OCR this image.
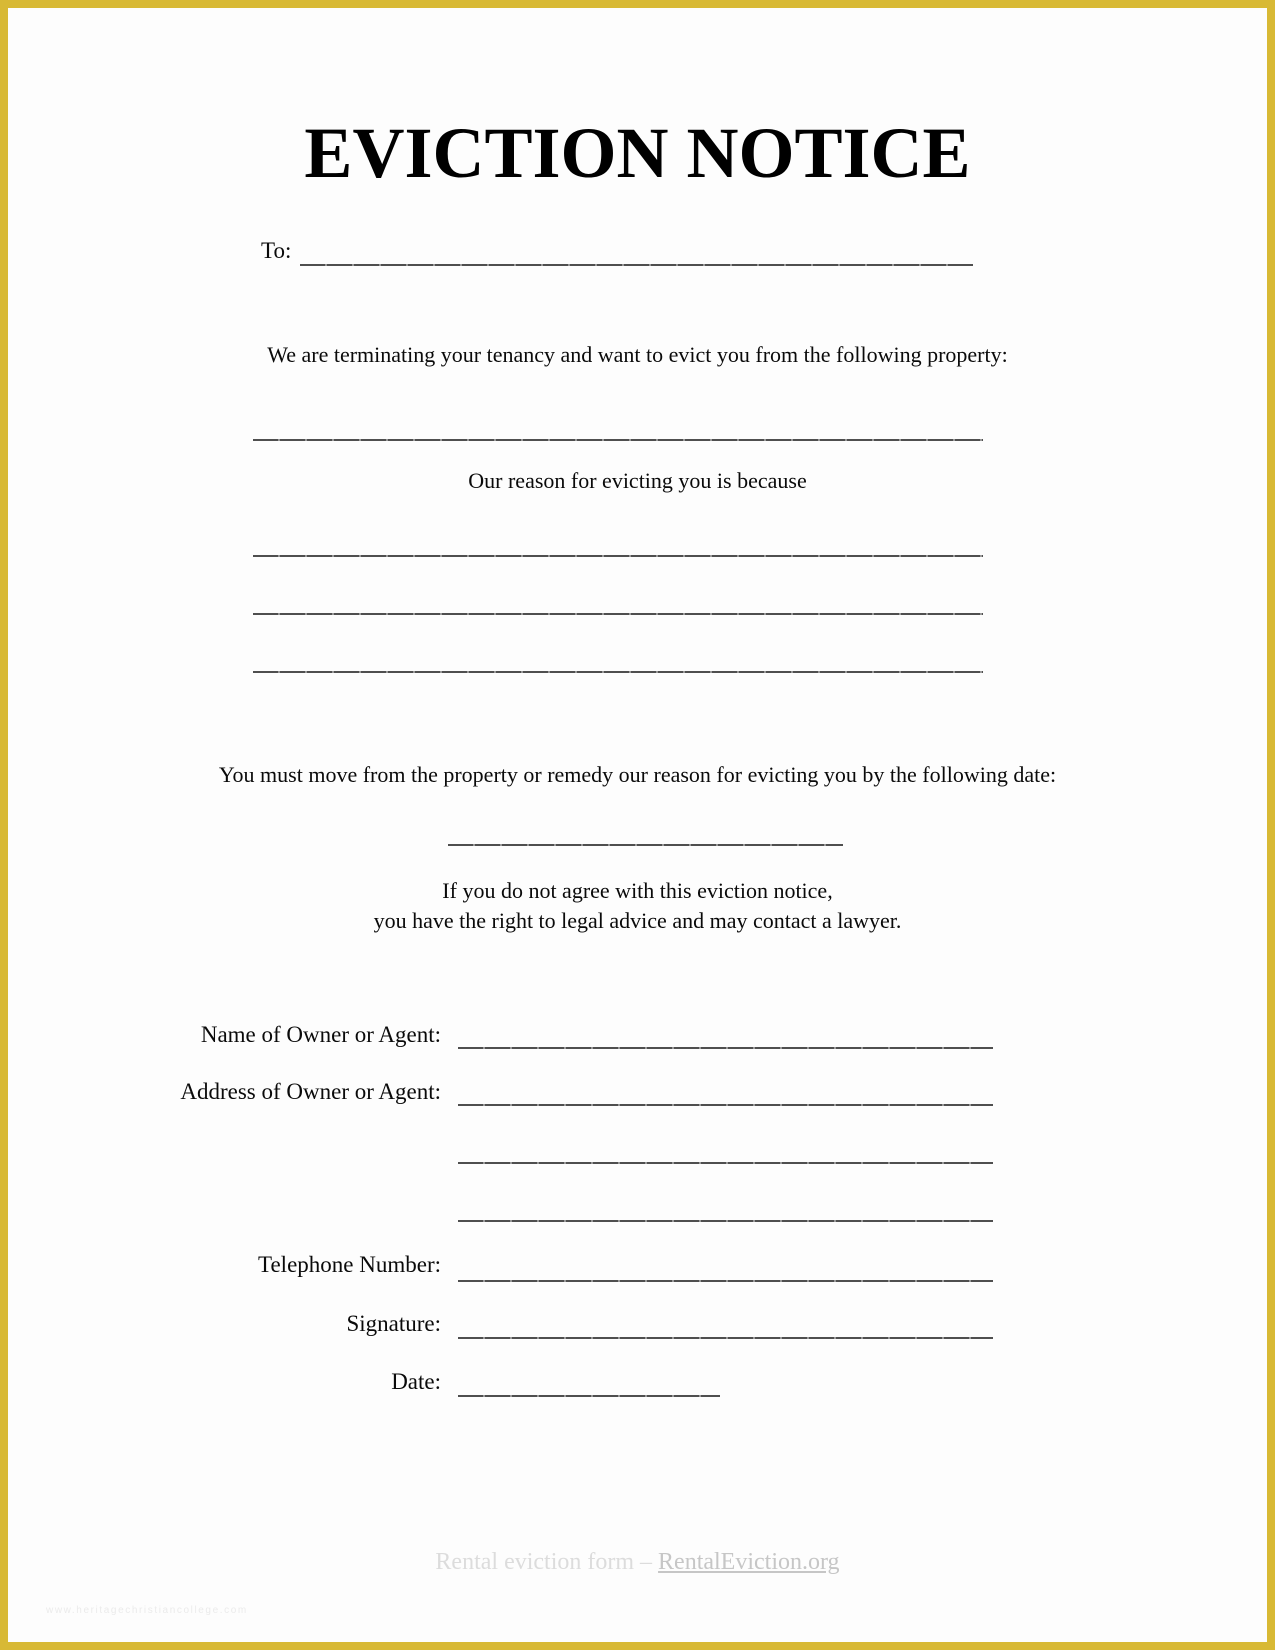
EVICTION NOTICE
To:
We are terminating your tenancy and want to evict you from the following property:
Our reason for evicting you is because
You must move from the property or remedy our reason for evicting you by the following date:
If you do not agree with this eviction notice,
you have the right to legal advice and may contact a lawyer.
Name of Owner or Agent:
Address of Owner or Agent:
Telephone Number:
Signature:
Date:
Rental eviction form – RentalEviction.org
www.heritagechristiancollege.com
